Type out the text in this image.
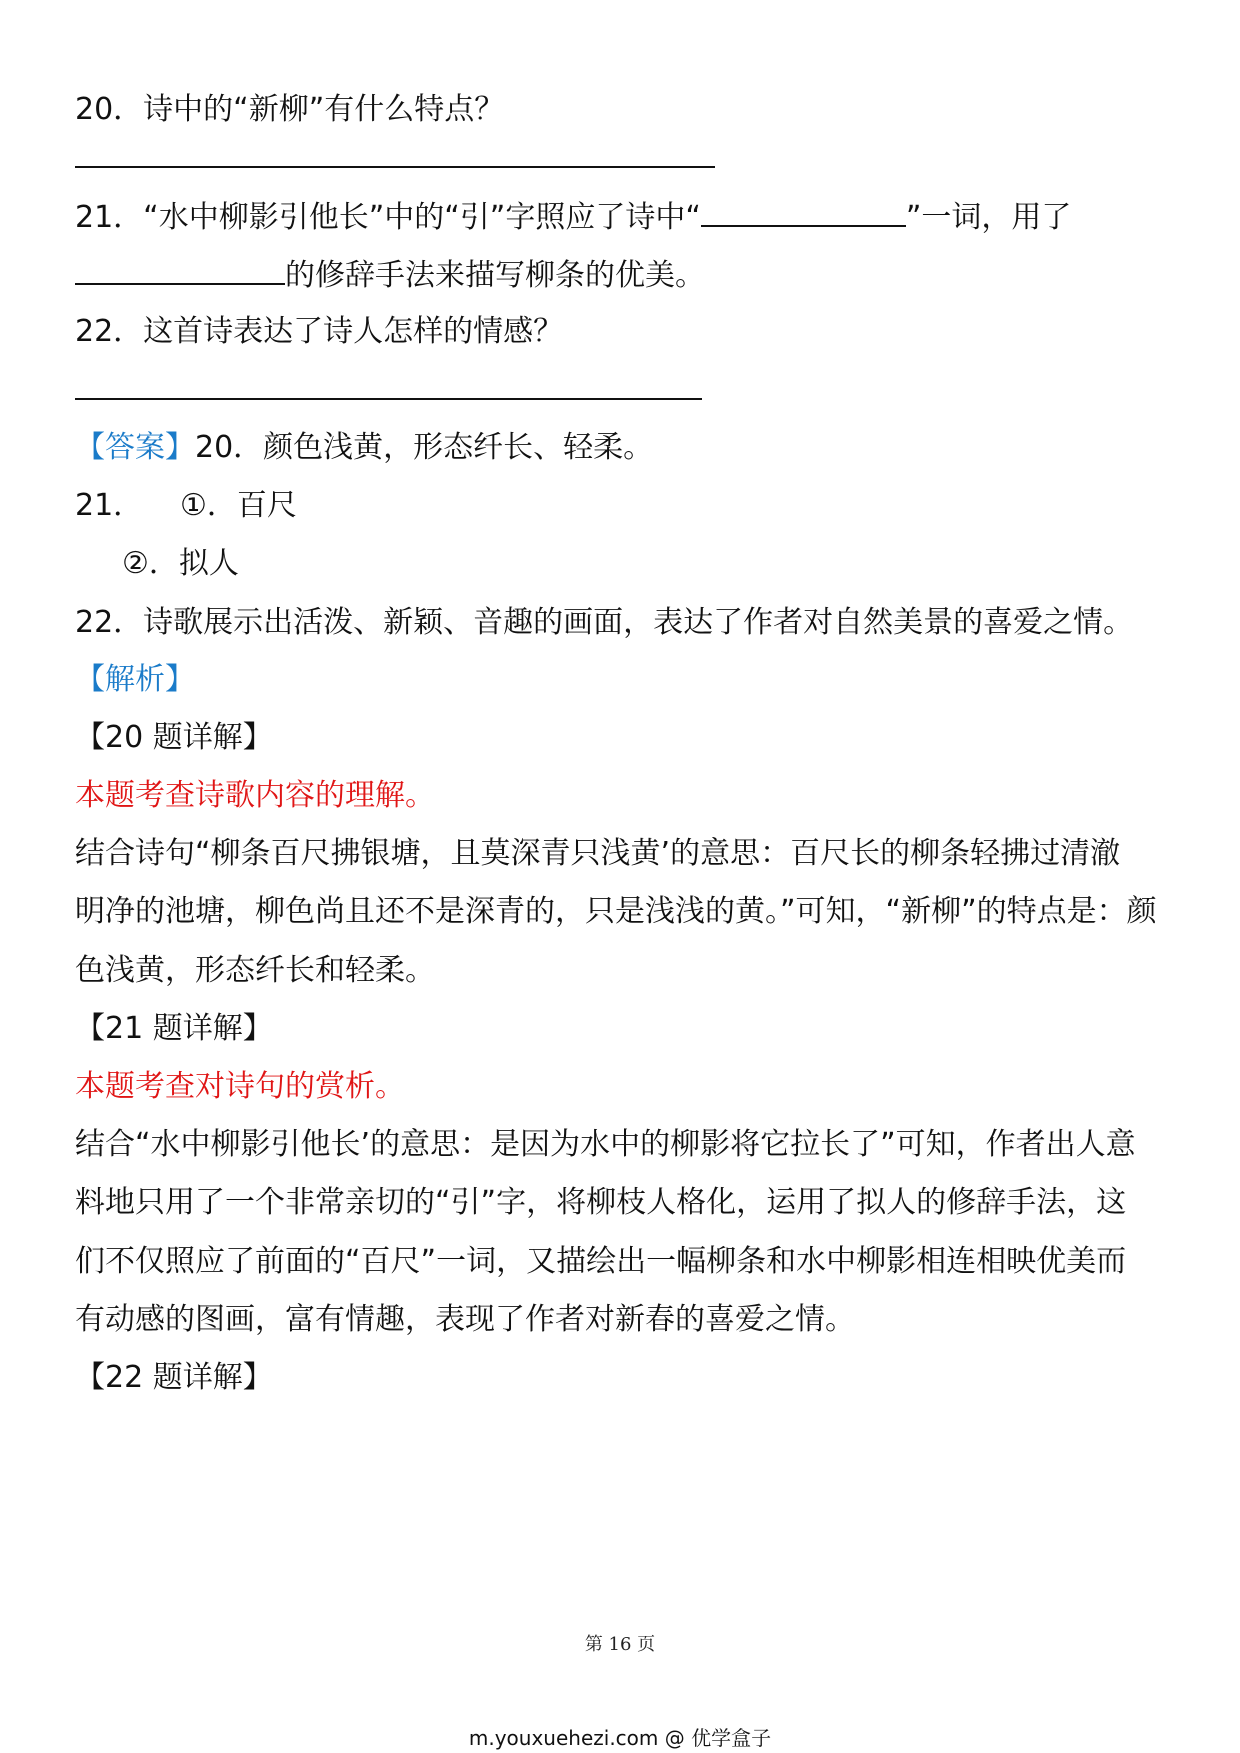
20．诗中的“新柳”有什么特点？
21．“水中柳影引他长”中的“引”字照应了诗中“	”一词，用了
的修辞手法来描写柳条的优美。
22．这首诗表达了诗人怎样的情感？
【答案】20．颜色浅黄，形态纤长、轻柔。
21． ①．百尺
②．拟人
22．诗歌展示出活泼、新颖、音趣的画面，表达了作者对自然美景的喜爱之情。
【解析】
【20 题详解】
本题考查诗歌内容的理解。
结合诗句“柳条百尺拂银塘，且莫深青只浅黄’的意思：百尺长的柳条轻拂过清澈
明净的池塘，柳色尚且还不是深青的，只是浅浅的黄。”可知，“新柳”的特点是：颜
色浅黄，形态纤长和轻柔。
【21 题详解】
本题考查对诗句的赏析。
结合“水中柳影引他长’的意思：是因为水中的柳影将它拉长了”可知，作者出人意
料地只用了一个非常亲切的“引”字，将柳枝人格化，运用了拟人的修辞手法，这
们不仅照应了前面的“百尺”一词，又描绘出一幅柳条和水中柳影相连相映优美而
有动感的图画，富有情趣，表现了作者对新春的喜爱之情。
【22 题详解】
第 16 页
m.youxuehezi.com @ 优学盒子
